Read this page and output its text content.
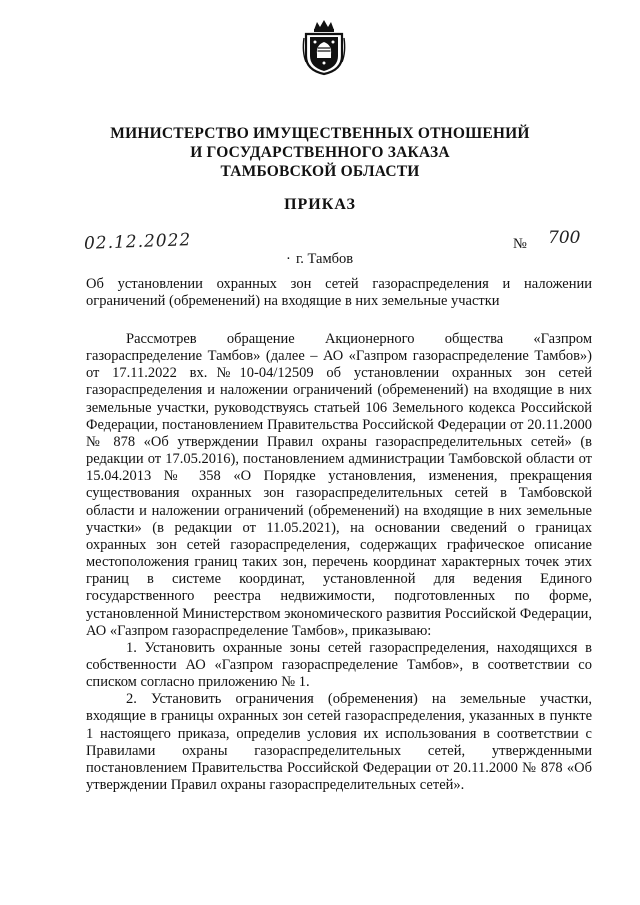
МИНИСТЕРСТВО ИМУЩЕСТВЕННЫХ ОТНОШЕНИЙ
И ГОСУДАРСТВЕННОГО ЗАКАЗА
ТАМБОВСКОЙ ОБЛАСТИ
ПРИКАЗ
02.12.2022	№ 700
· г. Тамбов
Об установлении охранных зон сетей газораспределения и наложении ограничений (обременений) на входящие в них земельные участки

Рассмотрев обращение Акционерного общества «Газпром газораспределение Тамбов» (далее – АО «Газпром газораспределение Тамбов») от 17.11.2022 вх.№10-04/12509 об установлении охранных зон сетей газораспределения и наложении ограничений (обременений) на входящие в них земельные участки, руководствуясь статьей 106 Земельного кодекса Российской Федерации, постановлением Правительства Российской Федерации от 20.11.2000 № 878 «Об утверждении Правил охраны газораспределительных сетей» (в редакции от 17.05.2016), постановлением администрации Тамбовской области от 15.04.2013 № 358 «О Порядке установления, изменения, прекращения существования охранных зон газораспределительных сетей в Тамбовской области и наложении ограничений (обременений) на входящие в них земельные участки» (в редакции от 11.05.2021), на основании сведений о границах охранных зон сетей газораспределения, содержащих графическое описание местоположения границ таких зон, перечень координат характерных точек этих границ в системе координат, установленной для ведения Единого государственного реестра недвижимости, подготовленных по форме, установленной Министерством экономического развития Российской Федерации, АО «Газпром газораспределение Тамбов», приказываю:

1. Установить охранные зоны сетей газораспределения, находящихся в собственности АО «Газпром газораспределение Тамбов», в соответствии со списком согласно приложению № 1.

2. Установить ограничения (обременения) на земельные участки, входящие в границы охранных зон сетей газораспределения, указанных в пункте 1 настоящего приказа, определив условия их использования в соответствии с Правилами охраны газораспределительных сетей, утвержденными постановлением Правительства Российской Федерации от 20.11.2000 № 878 «Об утверждении Правил охраны газораспределительных сетей».
